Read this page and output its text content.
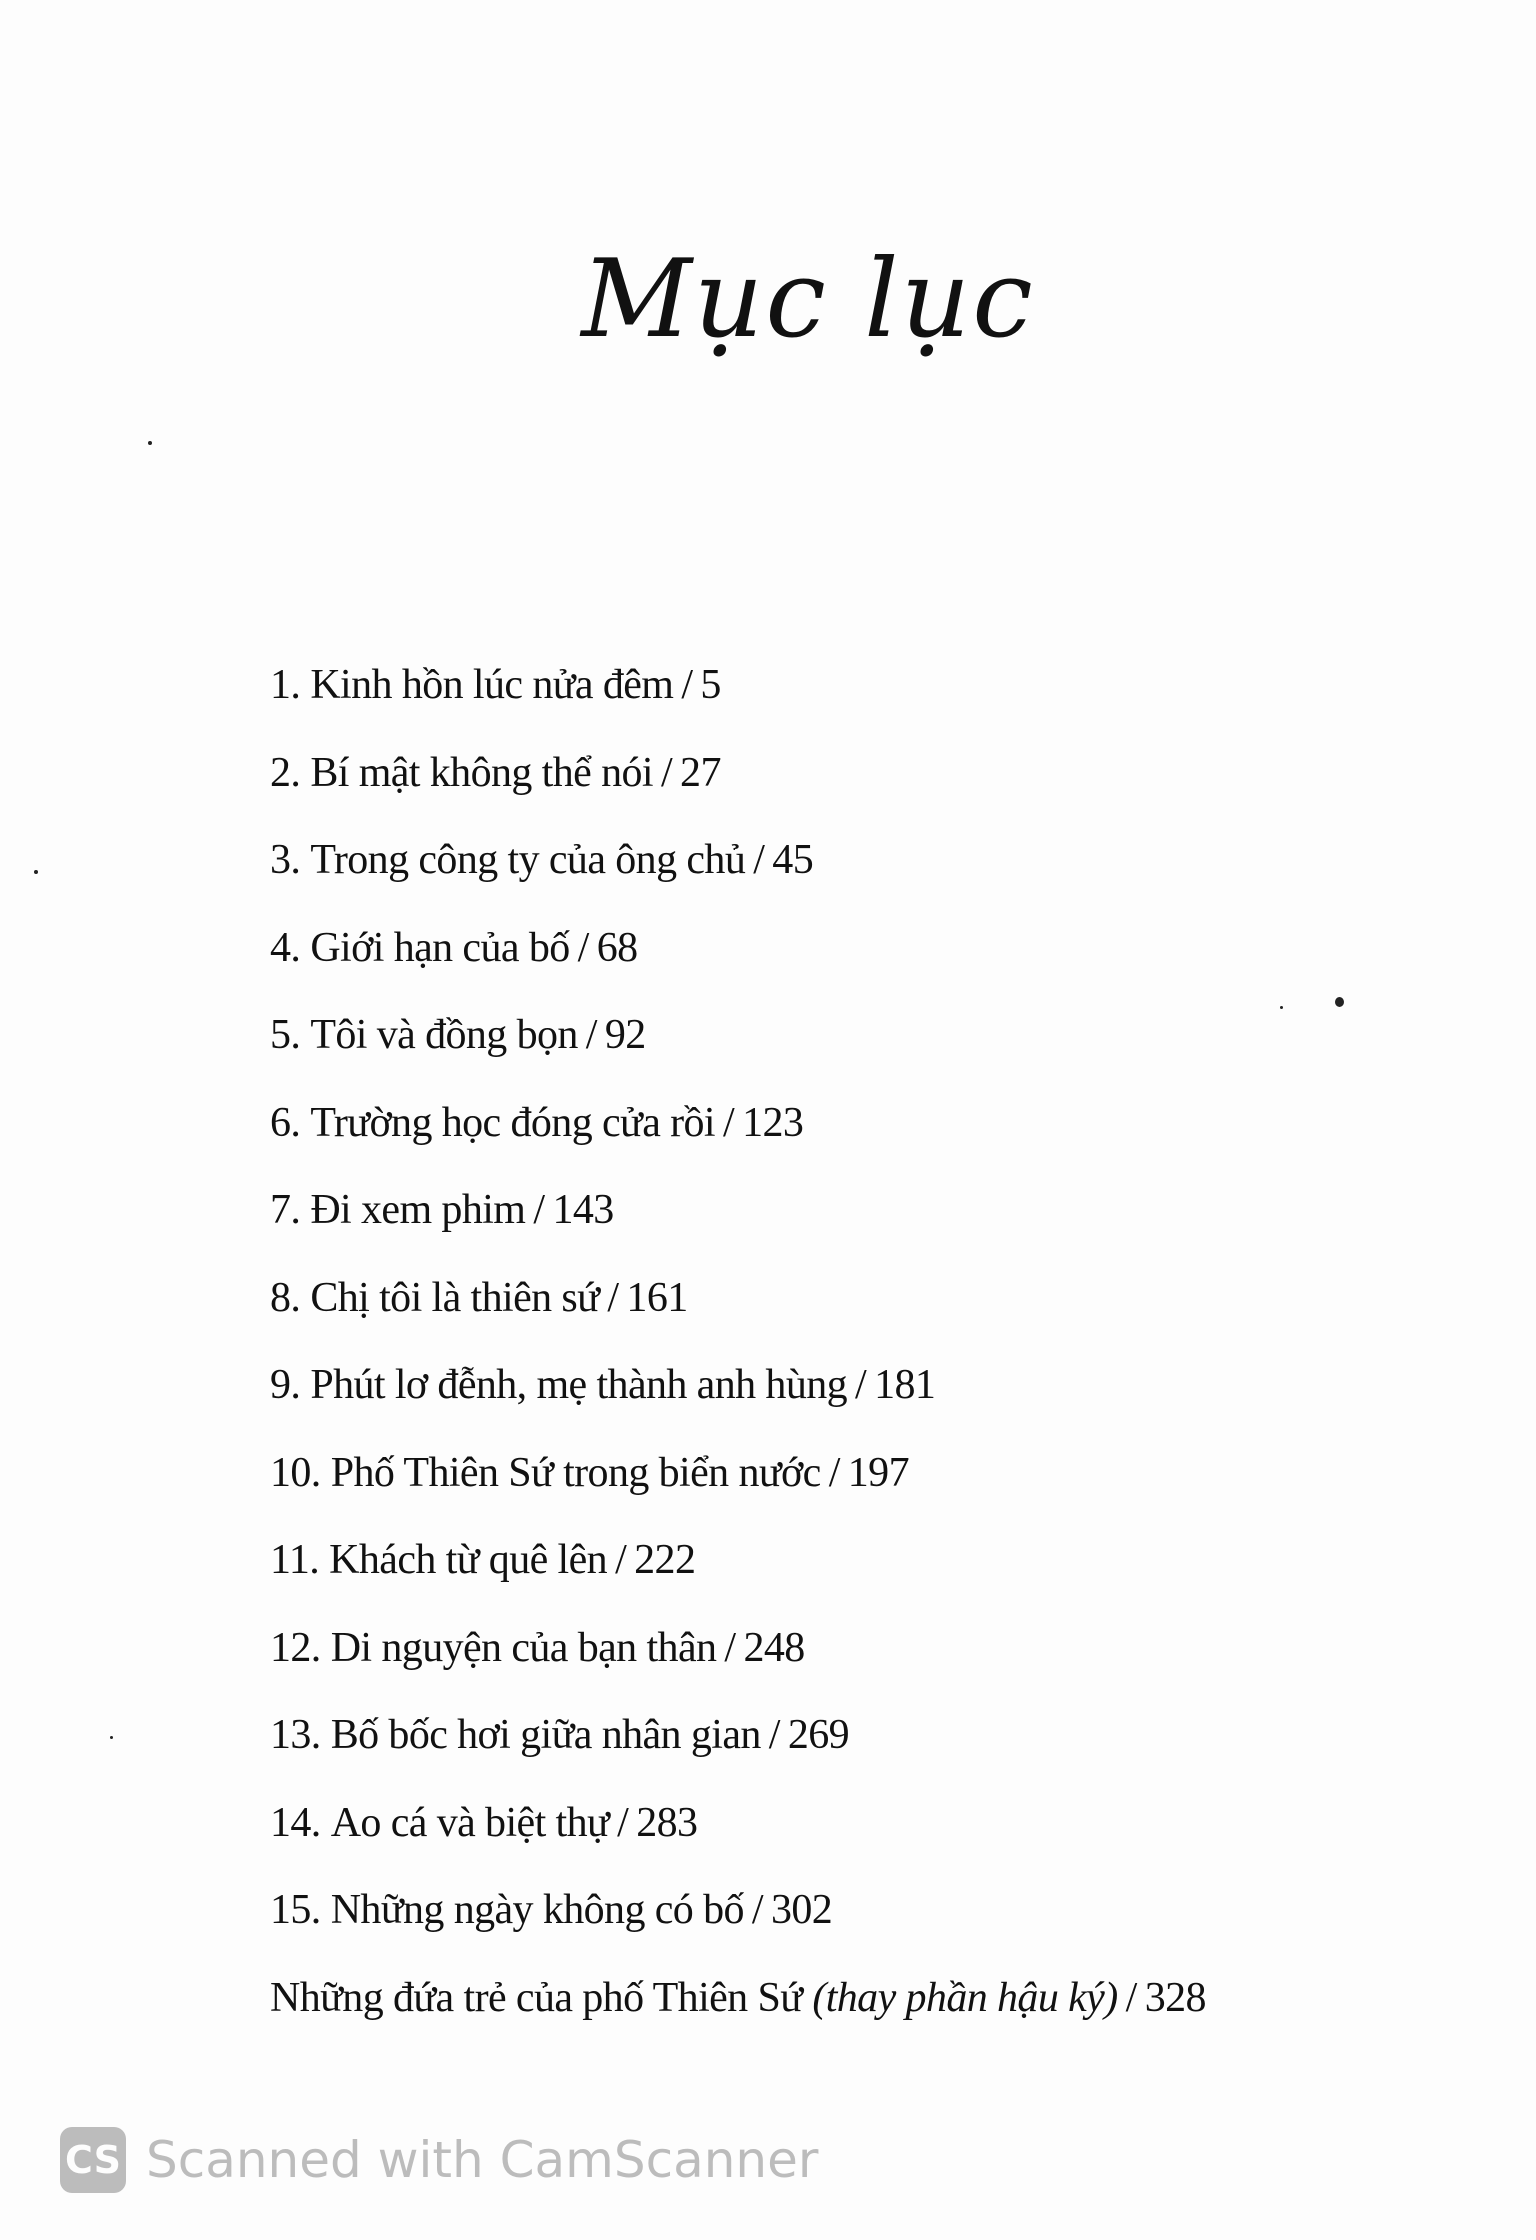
Mục lục
1. Kinh hồn lúc nửa đêm / 5
2. Bí mật không thể nói / 27
3. Trong công ty của ông chủ / 45
4. Giới hạn của bố / 68
5. Tôi và đồng bọn / 92
6. Trường học đóng cửa rồi / 123
7. Đi xem phim / 143
8. Chị tôi là thiên sứ / 161
9. Phút lơ đễnh, mẹ thành anh hùng / 181
10. Phố Thiên Sứ trong biển nước / 197
11. Khách từ quê lên / 222
12. Di nguyện của bạn thân / 248
13. Bố bốc hơi giữa nhân gian / 269
14. Ao cá và biệt thự / 283
15. Những ngày không có bố / 302
Những đứa trẻ của phố Thiên Sứ (thay phần hậu ký) / 328
CS Scanned with CamScanner
